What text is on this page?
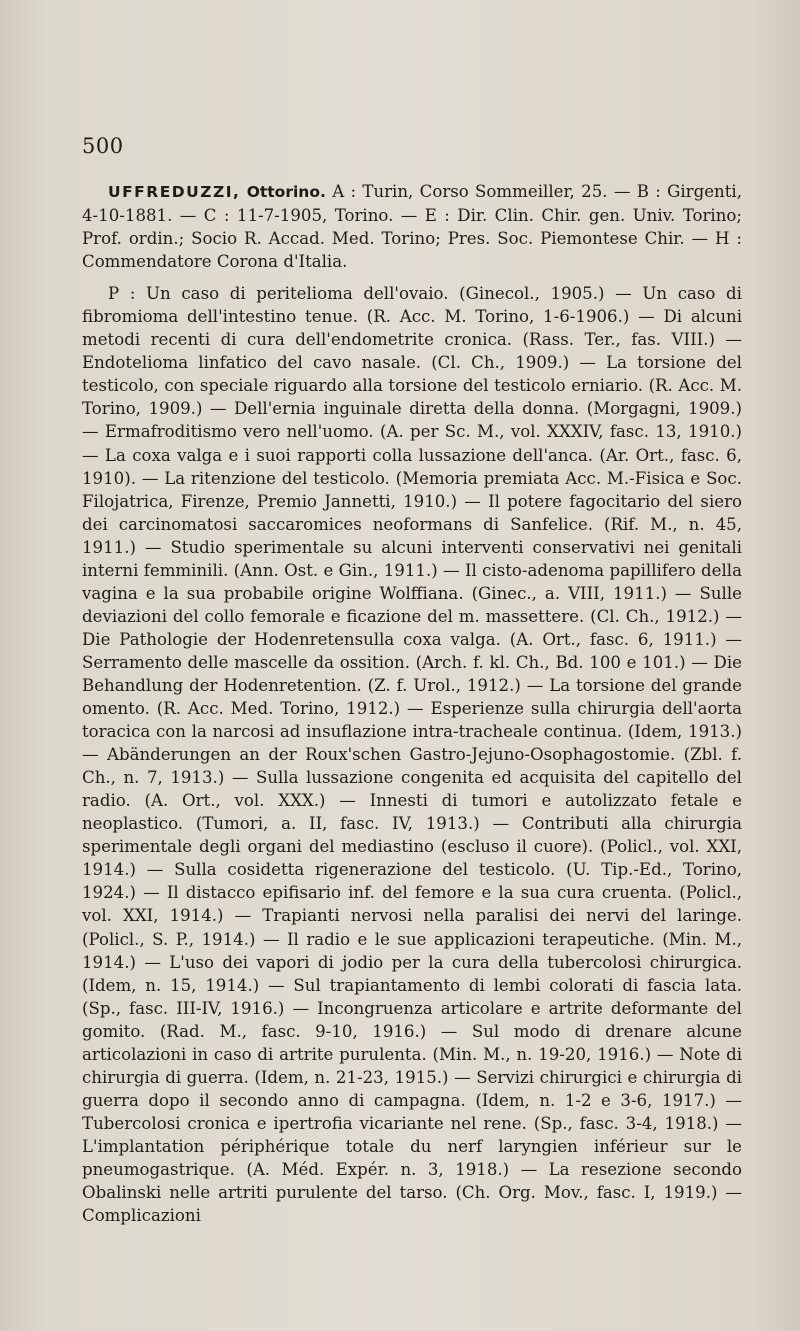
500

UFFREDUZZI, Ottorino. A : Turin, Corso Sommeiller, 25. — B : Girgenti, 4-10-1881. — C : 11-7-1905, Torino. — E : Dir. Clin. Chir. gen. Univ. Torino; Prof. ordin.; Socio R. Accad. Med. Torino; Pres. Soc. Piemontese Chir. — H : Commendatore Corona d'Italia.

P : Un caso di peritelioma dell'ovaio. (Ginecol., 1905.) — Un caso di fibromioma dell'intestino tenue. (R. Acc. M. Torino, 1-6-1906.) — Di alcuni metodi recenti di cura dell'endometrite cronica. (Rass. Ter., fas. VIII.) — Endotelioma linfatico del cavo nasale. (Cl. Ch., 1909.) — La torsione del testicolo, con speciale riguardo alla torsione del testicolo erniario. (R. Acc. M. Torino, 1909.) — Dell'ernia inguinale diretta della donna. (Morgagni, 1909.) — Ermafroditismo vero nell'uomo. (A. per Sc. M., vol. XXXIV, fasc. 13, 1910.) — La coxa valga e i suoi rapporti colla lussazione dell'anca. (Ar. Ort., fasc. 6, 1910). — La ritenzione del testicolo. (Memoria premiata Acc. M.-Fisica e Soc. Filojatrica, Firenze, Premio Jannetti, 1910.) — Il potere fagocitario del siero dei carcinomatosi saccaromices neoformans di Sanfelice. (Rif. M., n. 45, 1911.) — Studio sperimentale su alcuni interventi conservativi nei genitali interni femminili. (Ann. Ost. e Gin., 1911.) — Il cisto-adenoma papillifero della vagina e la sua probabile origine Wolffiana. (Ginec., a. VIII, 1911.) — Sulle deviazioni del collo femorale e ficazione del m. massettere. (Cl. Ch., 1912.) — Die Pathologie der Hodenretensulla coxa valga. (A. Ort., fasc. 6, 1911.) — Serramento delle mascelle da ossition. (Arch. f. kl. Ch., Bd. 100 e 101.) — Die Behandlung der Hodenretention. (Z. f. Urol., 1912.) — La torsione del grande omento. (R. Acc. Med. Torino, 1912.) — Esperienze sulla chirurgia dell'aorta toracica con la narcosi ad insuflazione intra-tracheale continua. (Idem, 1913.) — Abänderungen an der Roux'schen Gastro-Jejuno-Osophagostomie. (Zbl. f. Ch., n. 7, 1913.) — Sulla lussazione congenita ed acquisita del capitello del radio. (A. Ort., vol. XXX.) — Innesti di tumori e autolizzato fetale e neoplastico. (Tumori, a. II, fasc. IV, 1913.) — Contributi alla chirurgia sperimentale degli organi del mediastino (escluso il cuore). (Policl., vol. XXI, 1914.) — Sulla cosidetta rigenerazione del testicolo. (U. Tip.-Ed., Torino, 1924.) — Il distacco epifisario inf. del femore e la sua cura cruenta. (Policl., vol. XXI, 1914.) — Trapianti nervosi nella paralisi dei nervi del laringe. (Policl., S. P., 1914.) — Il radio e le sue applicazioni terapeutiche. (Min. M., 1914.) — L'uso dei vapori di jodio per la cura della tubercolosi chirurgica. (Idem, n. 15, 1914.) — Sul trapiantamento di lembi colorati di fascia lata. (Sp., fasc. III-IV, 1916.) — Incongruenza articolare e artrite deformante del gomito. (Rad. M., fasc. 9-10, 1916.) — Sul modo di drenare alcune articolazioni in caso di artrite purulenta. (Min. M., n. 19-20, 1916.) — Note di chirurgia di guerra. (Idem, n. 21-23, 1915.) — Servizi chirurgici e chirurgia di guerra dopo il secondo anno di campagna. (Idem, n. 1-2 e 3-6, 1917.) — Tubercolosi cronica e ipertrofia vicariante nel rene. (Sp., fasc. 3-4, 1918.) — L'implantation périphérique totale du nerf laryngien inférieur sur le pneumogastrique. (A. Méd. Expér. n. 3, 1918.) — La resezione secondo Obalinski nelle artriti purulente del tarso. (Ch. Org. Mov., fasc. I, 1919.) — Complicazioni
